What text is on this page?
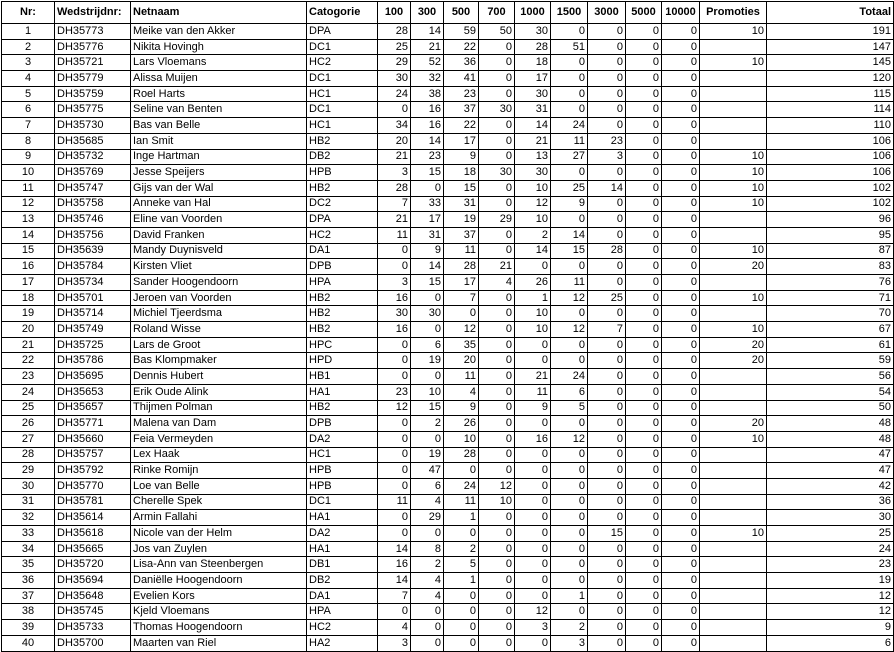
Nr:	Wedstrijdnr:	Netnaam	Catogorie	100	300	500	700	1000	1500	3000	5000	10000	Promoties	Totaal
1	DH35773	Meike van den Akker	DPA	28	14	59	50	30	0	0	0	0	10	191
2	DH35776	Nikita Hovingh	DC1	25	21	22	0	28	51	0	0	0		147
3	DH35721	Lars Vloemans	HC2	29	52	36	0	18	0	0	0	0	10	145
4	DH35779	Alissa Muijen	DC1	30	32	41	0	17	0	0	0	0		120
5	DH35759	Roel Harts	HC1	24	38	23	0	30	0	0	0	0		115
6	DH35775	Seline van Benten	DC1	0	16	37	30	31	0	0	0	0		114
7	DH35730	Bas van Belle	HC1	34	16	22	0	14	24	0	0	0		110
8	DH35685	Ian Smit	HB2	20	14	17	0	21	11	23	0	0		106
9	DH35732	Inge Hartman	DB2	21	23	9	0	13	27	3	0	0	10	106
10	DH35769	Jesse Speijers	HPB	3	15	18	30	30	0	0	0	0	10	106
11	DH35747	Gijs van der Wal	HB2	28	0	15	0	10	25	14	0	0	10	102
12	DH35758	Anneke van Hal	DC2	7	33	31	0	12	9	0	0	0	10	102
13	DH35746	Eline van Voorden	DPA	21	17	19	29	10	0	0	0	0		96
14	DH35756	David Franken	HC2	11	31	37	0	2	14	0	0	0		95
15	DH35639	Mandy Duynisveld	DA1	0	9	11	0	14	15	28	0	0	10	87
16	DH35784	Kirsten Vliet	DPB	0	14	28	21	0	0	0	0	0	20	83
17	DH35734	Sander Hoogendoorn	HPA	3	15	17	4	26	11	0	0	0		76
18	DH35701	Jeroen van Voorden	HB2	16	0	7	0	1	12	25	0	0	10	71
19	DH35714	Michiel Tjeerdsma	HB2	30	30	0	0	10	0	0	0	0		70
20	DH35749	Roland Wisse	HB2	16	0	12	0	10	12	7	0	0	10	67
21	DH35725	Lars de Groot	HPC	0	6	35	0	0	0	0	0	0	20	61
22	DH35786	Bas Klompmaker	HPD	0	19	20	0	0	0	0	0	0	20	59
23	DH35695	Dennis Hubert	HB1	0	0	11	0	21	24	0	0	0		56
24	DH35653	Erik Oude Alink	HA1	23	10	4	0	11	6	0	0	0		54
25	DH35657	Thijmen Polman	HB2	12	15	9	0	9	5	0	0	0		50
26	DH35771	Malena van Dam	DPB	0	2	26	0	0	0	0	0	0	20	48
27	DH35660	Feia Vermeyden	DA2	0	0	10	0	16	12	0	0	0	10	48
28	DH35757	Lex Haak	HC1	0	19	28	0	0	0	0	0	0		47
29	DH35792	Rinke Romijn	HPB	0	47	0	0	0	0	0	0	0		47
30	DH35770	Loe van Belle	HPB	0	6	24	12	0	0	0	0	0		42
31	DH35781	Cherelle Spek	DC1	11	4	11	10	0	0	0	0	0		36
32	DH35614	Armin Fallahi	HA1	0	29	1	0	0	0	0	0	0		30
33	DH35618	Nicole van der Helm	DA2	0	0	0	0	0	0	15	0	0	10	25
34	DH35665	Jos van Zuylen	HA1	14	8	2	0	0	0	0	0	0		24
35	DH35720	Lisa-Ann van Steenbergen	DB1	16	2	5	0	0	0	0	0	0		23
36	DH35694	Daniëlle Hoogendoorn	DB2	14	4	1	0	0	0	0	0	0		19
37	DH35648	Evelien Kors	DA1	7	4	0	0	0	1	0	0	0		12
38	DH35745	Kjeld Vloemans	HPA	0	0	0	0	12	0	0	0	0		12
39	DH35733	Thomas Hoogendoorn	HC2	4	0	0	0	3	2	0	0	0		9
40	DH35700	Maarten van Riel	HA2	3	0	0	0	0	3	0	0	0		6
